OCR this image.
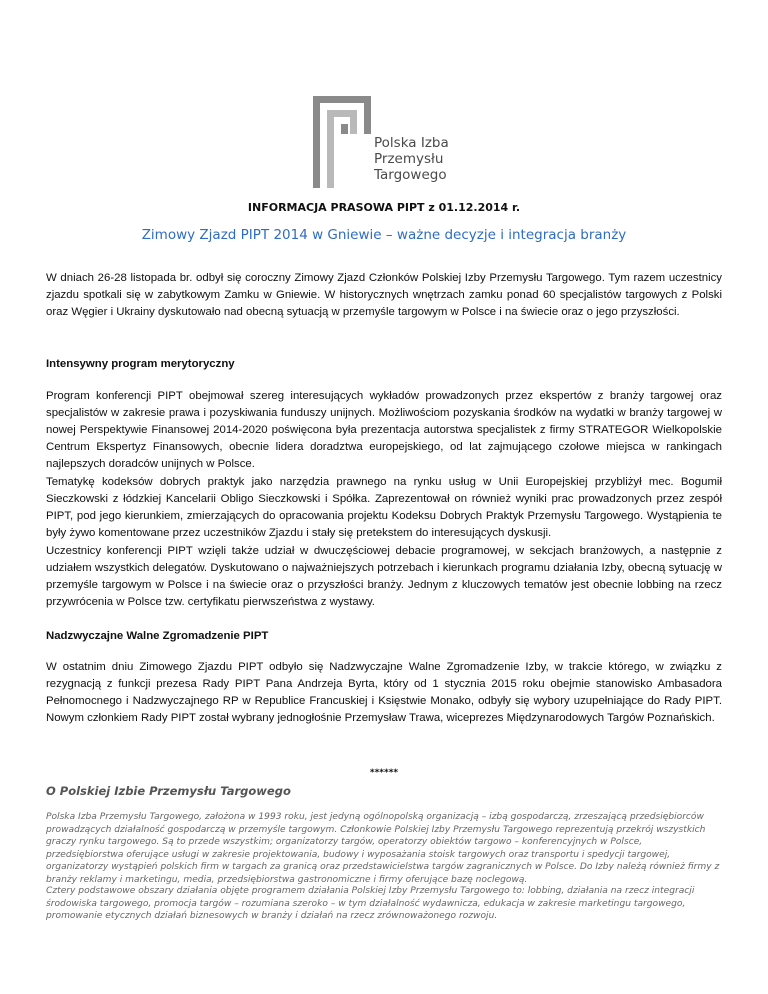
Polska Izba
Przemysłu
Targowego
INFORMACJA PRASOWA PIPT z 01.12.2014 r.
Zimowy Zjazd PIPT 2014 w Gniewie – ważne decyzje i integracja branży

W dniach 26-28 listopada br. odbył się coroczny Zimowy Zjazd Członków Polskiej Izby Przemysłu Targowego. Tym razem uczestnicy zjazdu spotkali się w zabytkowym Zamku w Gniewie. W historycznych wnętrzach zamku ponad 60 specjalistów targowych z Polski oraz Węgier i Ukrainy dyskutowało nad obecną sytuacją w przemyśle targowym w Polsce i na świecie oraz o jego przyszłości.

Intensywny program merytoryczny

Program konferencji PIPT obejmował szereg interesujących wykładów prowadzonych przez ekspertów z branży targowej oraz specjalistów w zakresie prawa i pozyskiwania funduszy unijnych. Możliwościom pozyskania środków na wydatki w branży targowej w nowej Perspektywie Finansowej 2014-2020 poświęcona była prezentacja autorstwa specjalistek z firmy STRATEGOR Wielkopolskie Centrum Ekspertyz Finansowych, obecnie lidera doradztwa europejskiego, od lat zajmującego czołowe miejsca w rankingach najlepszych doradców unijnych w Polsce.

Tematykę kodeksów dobrych praktyk jako narzędzia prawnego na rynku usług w Unii Europejskiej przybliżył mec. Bogumił Sieczkowski z łódzkiej Kancelarii Obligo Sieczkowski i Spółka. Zaprezentował on również wyniki prac prowadzonych przez zespół PIPT, pod jego kierunkiem, zmierzających do opracowania projektu Kodeksu Dobrych Praktyk Przemysłu Targowego. Wystąpienia te były żywo komentowane przez uczestników Zjazdu i stały się pretekstem do interesujących dyskusji.

Uczestnicy konferencji PIPT wzięli także udział w dwuczęściowej debacie programowej, w sekcjach branżowych, a następnie z udziałem wszystkich delegatów. Dyskutowano o najważniejszych potrzebach i kierunkach programu działania Izby, obecną sytuację w przemyśle targowym w Polsce i na świecie oraz o przyszłości branży. Jednym z kluczowych tematów jest obecnie lobbing na rzecz przywrócenia w Polsce tzw. certyfikatu pierwszeństwa z wystawy.

Nadzwyczajne Walne Zgromadzenie PIPT

W ostatnim dniu Zimowego Zjazdu PIPT odbyło się Nadzwyczajne Walne Zgromadzenie Izby, w trakcie którego, w związku z rezygnacją z funkcji prezesa Rady PIPT Pana Andrzeja Byrta, który od 1 stycznia 2015 roku obejmie stanowisko Ambasadora Pełnomocnego i Nadzwyczajnego RP w Republice Francuskiej i Księstwie Monako, odbyły się wybory uzupełniające do Rady PIPT. Nowym członkiem Rady PIPT został wybrany jednogłośnie Przemysław Trawa, wiceprezes Międzynarodowych Targów Poznańskich.

******
O Polskiej Izbie Przemysłu Targowego

Polska Izba Przemysłu Targowego, założona w 1993 roku, jest jedyną ogólnopolską organizacją – izbą gospodarczą, zrzeszającą przedsiębiorców prowadzących działalność gospodarczą w przemyśle targowym. Członkowie Polskiej Izby Przemysłu Targowego reprezentują przekrój wszystkich graczy rynku targowego. Są to przede wszystkim; organizatorzy targów, operatorzy obiektów targowo – konferencyjnych w Polsce, przedsiębiorstwa oferujące usługi w zakresie projektowania, budowy i wyposażania stoisk targowych oraz transportu i spedycji targowej, organizatorzy wystąpień polskich firm w targach za granicą oraz przedstawicielstwa targów zagranicznych w Polsce. Do Izby należą również firmy z branży reklamy i marketingu, media, przedsiębiorstwa gastronomiczne i firmy oferujące bazę noclegową.

Cztery podstawowe obszary działania objęte programem działania Polskiej Izby Przemysłu Targowego to: lobbing, działania na rzecz integracji środowiska targowego, promocja targów – rozumiana szeroko – w tym działalność wydawnicza, edukacja w zakresie marketingu targowego, promowanie etycznych działań biznesowych w branży i działań na rzecz zrównoważonego rozwoju.
